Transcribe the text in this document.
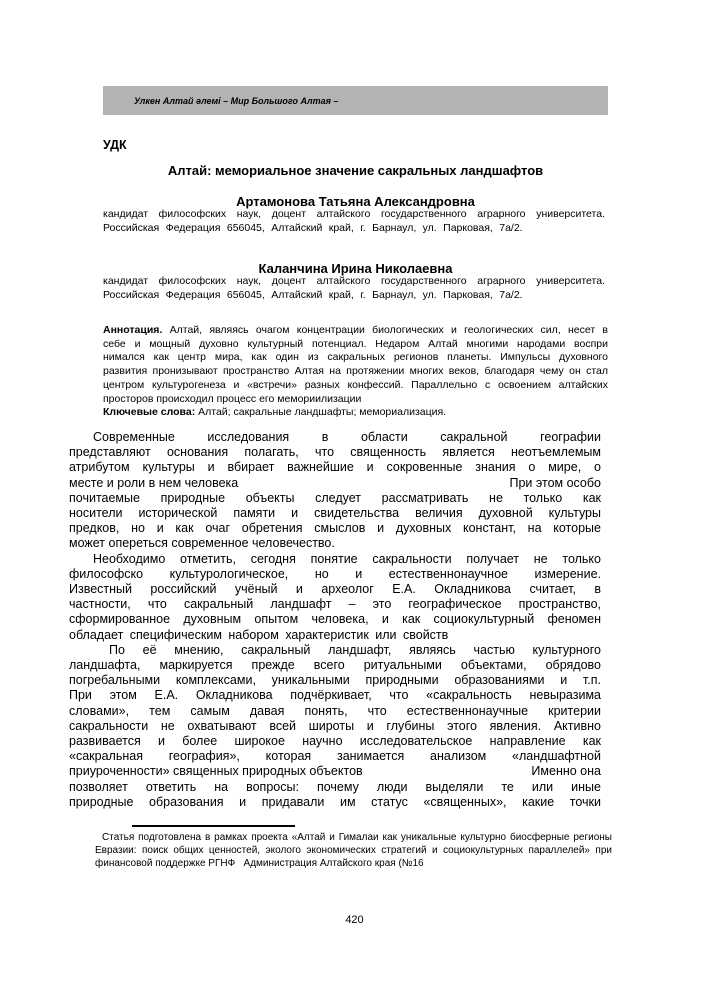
Улкен Алтай әлемі – Мир Большого Алтая –
УДК
Алтай: мемориальное значение сакральных ландшафтов
Артамонова Татьяна Александровна
кандидат философских наук, доцент алтайского государственного аграрного университета.
Российская Федерация 656045, Алтайский край, г. Барнаул, ул. Парковая, 7а/2.
Каланчина Ирина Николаевна
кандидат философских наук, доцент алтайского государственного аграрного университета.
Российская Федерация 656045, Алтайский край, г. Барнаул, ул. Парковая, 7а/2.
Аннотация. Алтай, являясь очагом концентрации биологических и геологических сил, несет в
себе и мощный духовно культурный потенциал. Недаром Алтай многими народами воспри
нимался как центр мира, как один из сакральных регионов планеты. Импульсы духовного
развития пронизывают пространство Алтая на протяжении многих веков, благодаря чему он стал
центром культурогенеза и «встречи» разных конфессий. Параллельно с освоением алтайских
просторов происходил процесс его мемориилизации
Ключевые слова: Алтай; сакральные ландшафты; мемориализация.
Современные исследования в области сакральной географии
представляют основания полагать, что священность является неотъемлемым
атрибутом культуры и вбирает важнейшие и сокровенные знания о мире, о
месте и роли в нем человека	При этом особо
почитаемые природные объекты следует рассматривать не только как
носители исторической памяти и свидетельства величия духовной культуры
предков, но и как очаг обретения смыслов и духовных констант, на которые
может опереться современное человечество.
Необходимо отметить, сегодня понятие сакральности получает не только
философско культурологическое, но и естественнонаучное измерение.
Известный российский учёный и археолог Е.А. Окладникова считает, в
частности, что сакральный ландшафт – это географическое пространство,
сформированное духовным опытом человека, и как социокультурный феномен
обладает специфическим набором характеристик или свойств
По её мнению, сакральный ландшафт, являясь частью культурного
ландшафта, маркируется прежде всего ритуальными объектами, обрядово
погребальными комплексами, уникальными природными образованиями и т.п.
При этом Е.А. Окладникова подчёркивает, что «сакральность невыразима
словами», тем самым давая понять, что естественнонаучные критерии
сакральности не охватывают всей широты и глубины этого явления. Активно
развивается и более широкое научно исследовательское направление как
«сакральная география», которая занимается анализом «ландшафтной
приуроченности» священных природных объектов	Именно она
позволяет ответить на вопросы: почему люди выделяли те или иные
природные образования и придавали им статус «священных», какие точки
Статья подготовлена в рамках проекта «Алтай и Гималаи как уникальные культурно биосферные регионы
Евразии: поиск общих ценностей, эколого экономических стратегий и социокультурных параллелей» при
финансовой поддержке РГНФ   Администрация Алтайского края (№16
420
